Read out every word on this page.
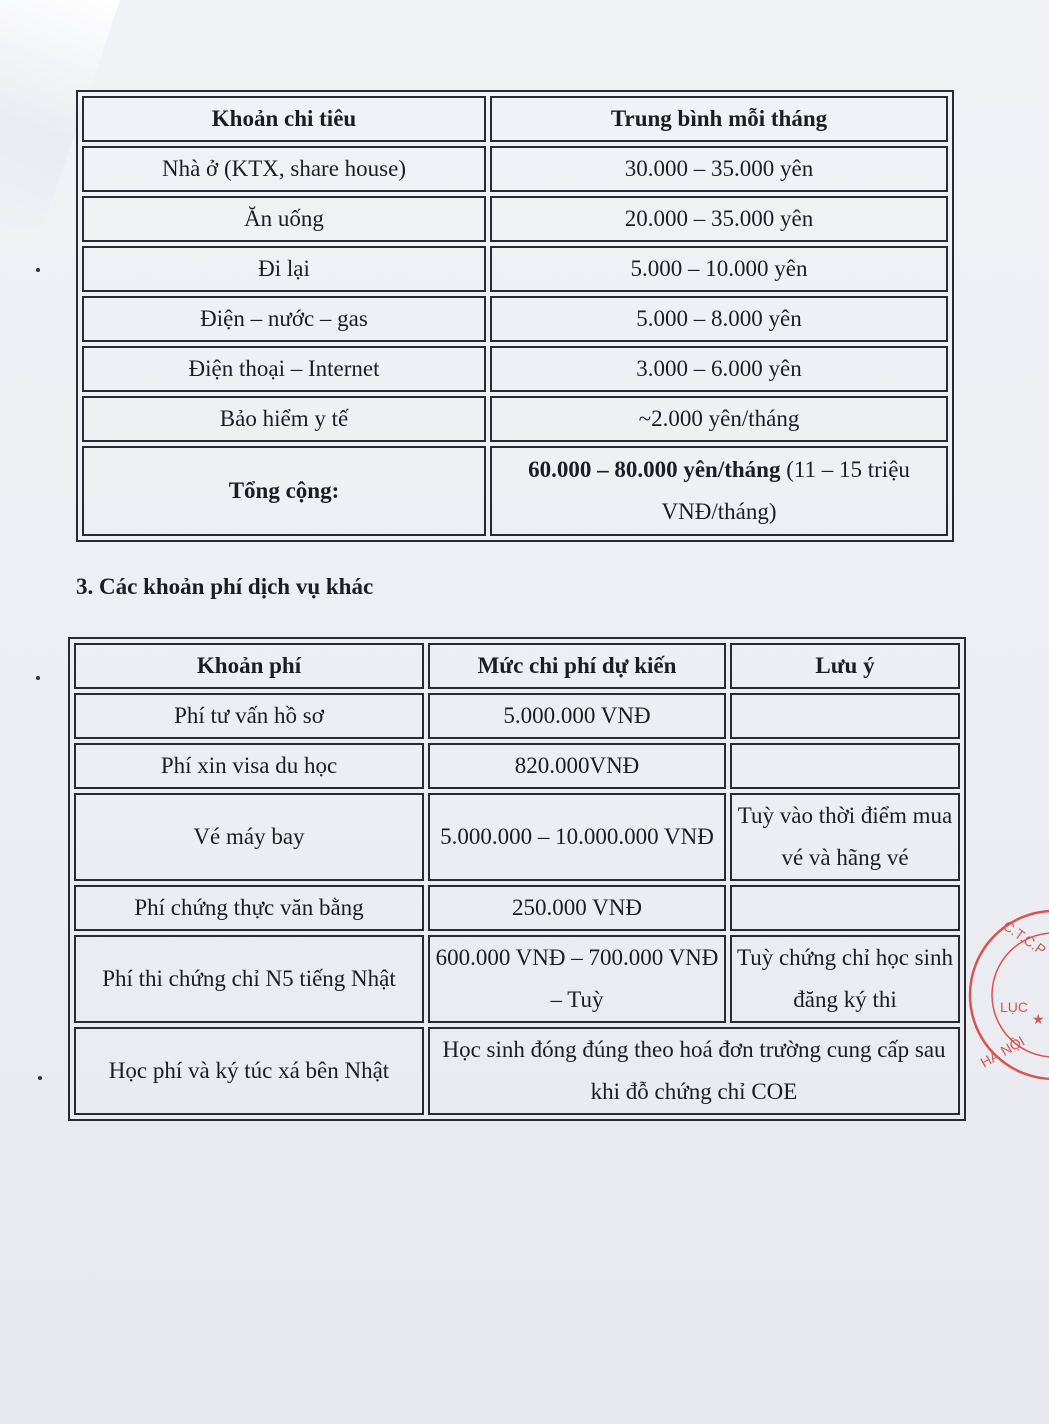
Khoản chi tiêu	Trung bình mỗi tháng
Nhà ở (KTX, share house)	30.000 – 35.000 yên
Ăn uống	20.000 – 35.000 yên
Đi lại	5.000 – 10.000 yên
Điện – nước – gas	5.000 – 8.000 yên
Điện thoại – Internet	3.000 – 6.000 yên
Bảo hiểm y tế	~2.000 yên/tháng
Tổng cộng:	60.000 – 80.000 yên/tháng (11 – 15 triệu VNĐ/tháng)
3. Các khoản phí dịch vụ khác
Khoản phí	Mức chi phí dự kiến	Lưu ý
Phí tư vấn hồ sơ	5.000.000 VNĐ	
Phí xin visa du học	820.000VNĐ	
Vé máy bay	5.000.000 – 10.000.000 VNĐ	Tuỳ vào thời điểm mua vé và hãng vé
Phí chứng thực văn bằng	250.000 VNĐ	
Phí thi chứng chỉ N5 tiếng Nhật	600.000 VNĐ – 700.000 VNĐ – Tuỳ	Tuỳ chứng chỉ học sinh đăng ký thi
Học phí và ký túc xá bên Nhật	Học sinh đóng đúng theo hoá đơn trường cung cấp sau khi đỗ chứng chỉ COE	
C.T.C.P
LỤC
HÀ NỘI
★
